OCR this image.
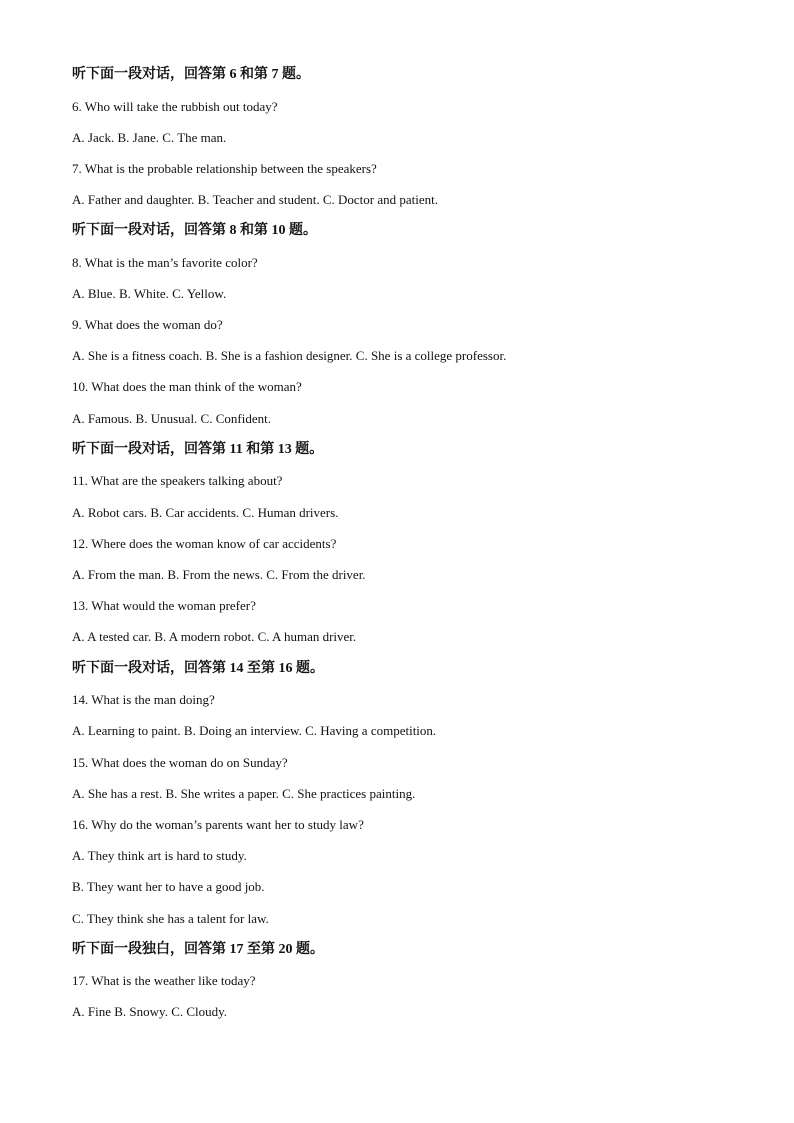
听下面一段对话，回答第 6 和第 7 题。
6. Who will take the rubbish out today?
A. Jack. B. Jane. C. The man.
7. What is the probable relationship between the speakers?
A. Father and daughter. B. Teacher and student. C. Doctor and patient.
听下面一段对话，回答第 8 和第 10 题。
8. What is the man’s favorite color?
A. Blue. B. White. C. Yellow.
9. What does the woman do?
A. She is a fitness coach. B. She is a fashion designer. C. She is a college professor.
10. What does the man think of the woman?
A. Famous. B. Unusual. C. Confident.
听下面一段对话，回答第 11 和第 13 题。
11. What are the speakers talking about?
A. Robot cars. B. Car accidents. C. Human drivers.
12. Where does the woman know of car accidents?
A. From the man. B. From the news. C. From the driver.
13. What would the woman prefer?
A. A tested car. B. A modern robot. C. A human driver.
听下面一段对话，回答第 14 至第 16 题。
14. What is the man doing?
A. Learning to paint. B. Doing an interview. C. Having a competition.
15. What does the woman do on Sunday?
A. She has a rest. B. She writes a paper. C. She practices painting.
16. Why do the woman’s parents want her to study law?
A. They think art is hard to study.
B. They want her to have a good job.
C. They think she has a talent for law.
听下面一段独白，回答第 17 至第 20 题。
17. What is the weather like today?
A. Fine B. Snowy. C. Cloudy.
